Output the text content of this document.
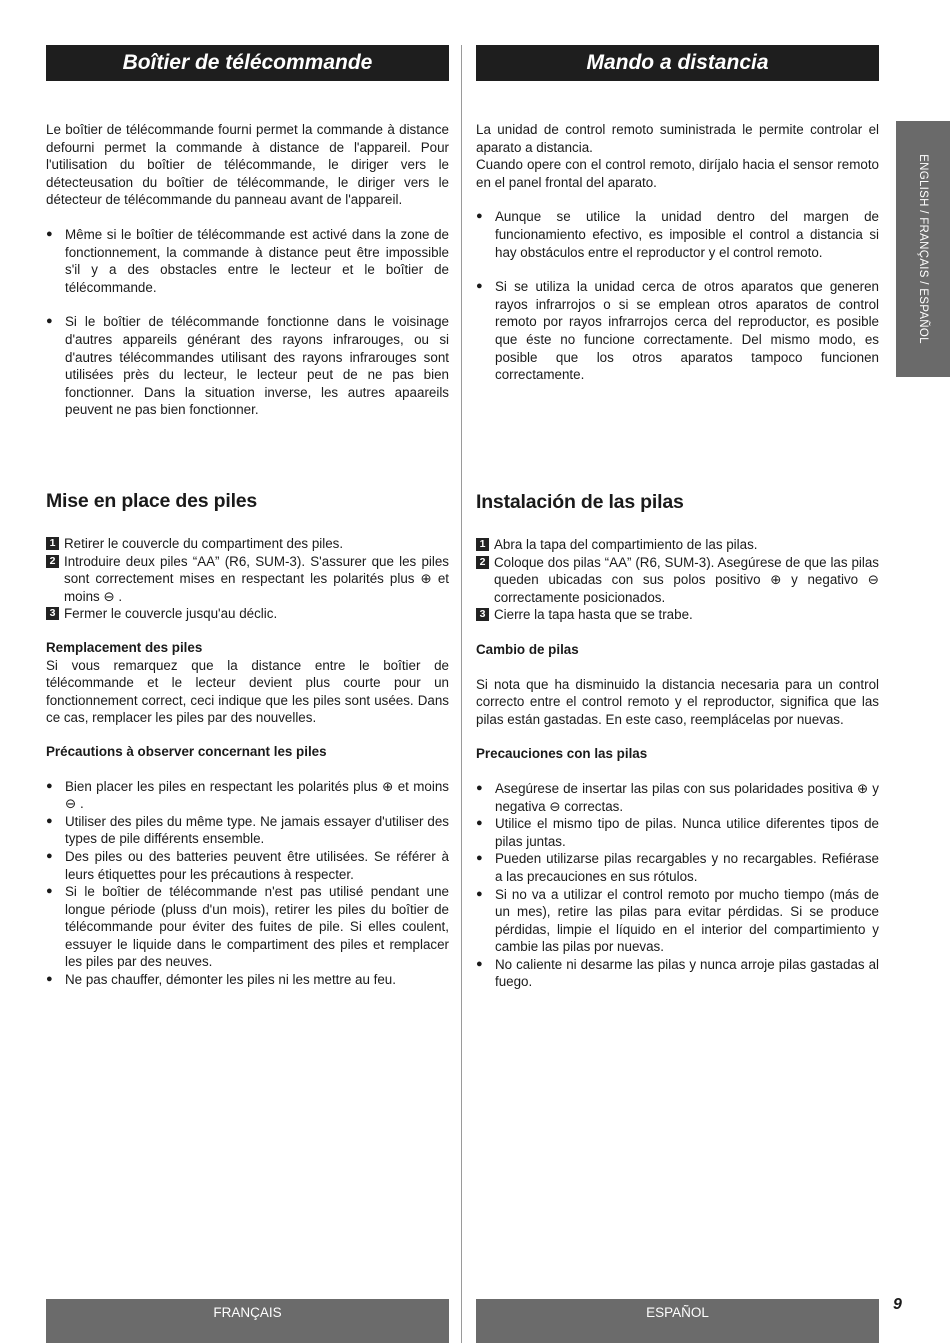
Boîtier de télécommande

Le boîtier de télécommande fourni permet la commande à distance defourni permet la commande à distance de l'appareil. Pour l'utilisation du boîtier de télécommande, le diriger vers le détecteusation du boîtier de télécommande, le diriger vers le détecteur de télécommande du panneau avant de l'appareil.

● Même si le boîtier de télécommande est activé dans la zone de fonctionnement, la commande à distance peut être impossible s'il y a des obstacles entre le lecteur et le boîtier de télécommande.
● Si le boîtier de télécommande fonctionne dans le voisinage d'autres appareils générant des rayons infrarouges, ou si d'autres télécommandes utilisant des rayons infrarouges sont utilisées près du lecteur, le lecteur peut de ne pas bien fonctionner. Dans la situation inverse, les autres apaareils peuvent ne pas bien fonctionner.
Mise en place des piles
1 Retirer le couvercle du compartiment des piles.
2 Introduire deux piles “AA” (R6, SUM-3). S'assurer que les piles sont correctement mises en respectant les polarités plus ⊕ et moins ⊖ .
3 Fermer le couvercle jusqu'au déclic.
Remplacement des piles

Si vous remarquez que la distance entre le boîtier de télécommande et le lecteur devient plus courte pour un fonctionnement correct, ceci indique que les piles sont usées. Dans ce cas, remplacer les piles par des nouvelles.

Précautions à observer concernant les piles
● Bien placer les piles en respectant les polarités plus ⊕ et moins ⊖ .
● Utiliser des piles du même type. Ne jamais essayer d'utiliser des types de pile différents ensemble.
● Des piles ou des batteries peuvent être utilisées. Se référer à leurs étiquettes pour les précautions à respecter.
● Si le boîtier de télécommande n'est pas utilisé pendant une longue période (pluss d'un mois), retirer les piles du boîtier de télécommande pour éviter des fuites de pile. Si elles coulent, essuyer le liquide dans le compartiment des piles et remplacer les piles par des neuves.
● Ne pas chauffer, démonter les piles ni les mettre au feu.
Mando a distancia

La unidad de control remoto suministrada le permite controlar el aparato a distancia.

Cuando opere con el control remoto, diríjalo hacia el sensor remoto en el panel frontal del aparato.

● Aunque se utilice la unidad dentro del margen de funcionamiento efectivo, es imposible el control a distancia si hay obstáculos entre el reproductor y el control remoto.
● Si se utiliza la unidad cerca de otros aparatos que generen rayos infrarrojos o si se emplean otros aparatos de control remoto por rayos infrarrojos cerca del reproductor, es posible que éste no funcione correctamente. Del mismo modo, es posible que los otros aparatos tampoco funcionen correctamente.
Instalación de las pilas
1 Abra la tapa del compartimiento de las pilas.
2 Coloque dos pilas “AA” (R6, SUM-3). Asegúrese de que las pilas queden ubicadas con sus polos positivo ⊕ y negativo ⊖ correctamente posicionados.
3 Cierre la tapa hasta que se trabe.
Cambio de pilas

Si nota que ha disminuido la distancia necesaria para un control correcto entre el control remoto y el reproductor, significa que las pilas están gastadas. En este caso, reemplácelas por nuevas.

Precauciones con las pilas
● Asegúrese de insertar las pilas con sus polaridades positiva ⊕ y negativa ⊖ correctas.
● Utilice el mismo tipo de pilas. Nunca utilice diferentes tipos de pilas juntas.
● Pueden utilizarse pilas recargables y no recargables. Refiérase a las precauciones en sus rótulos.
● Si no va a utilizar el control remoto por mucho tiempo (más de un mes), retire las pilas para evitar pérdidas. Si se produce pérdidas, limpie el líquido en el interior del compartimiento y cambie las pilas por nuevas.
● No caliente ni desarme las pilas y nunca arroje pilas gastadas al fuego.
ENGLISH / FRANÇAIS / ESPAÑOL
FRANÇAIS	ESPAÑOL	9
